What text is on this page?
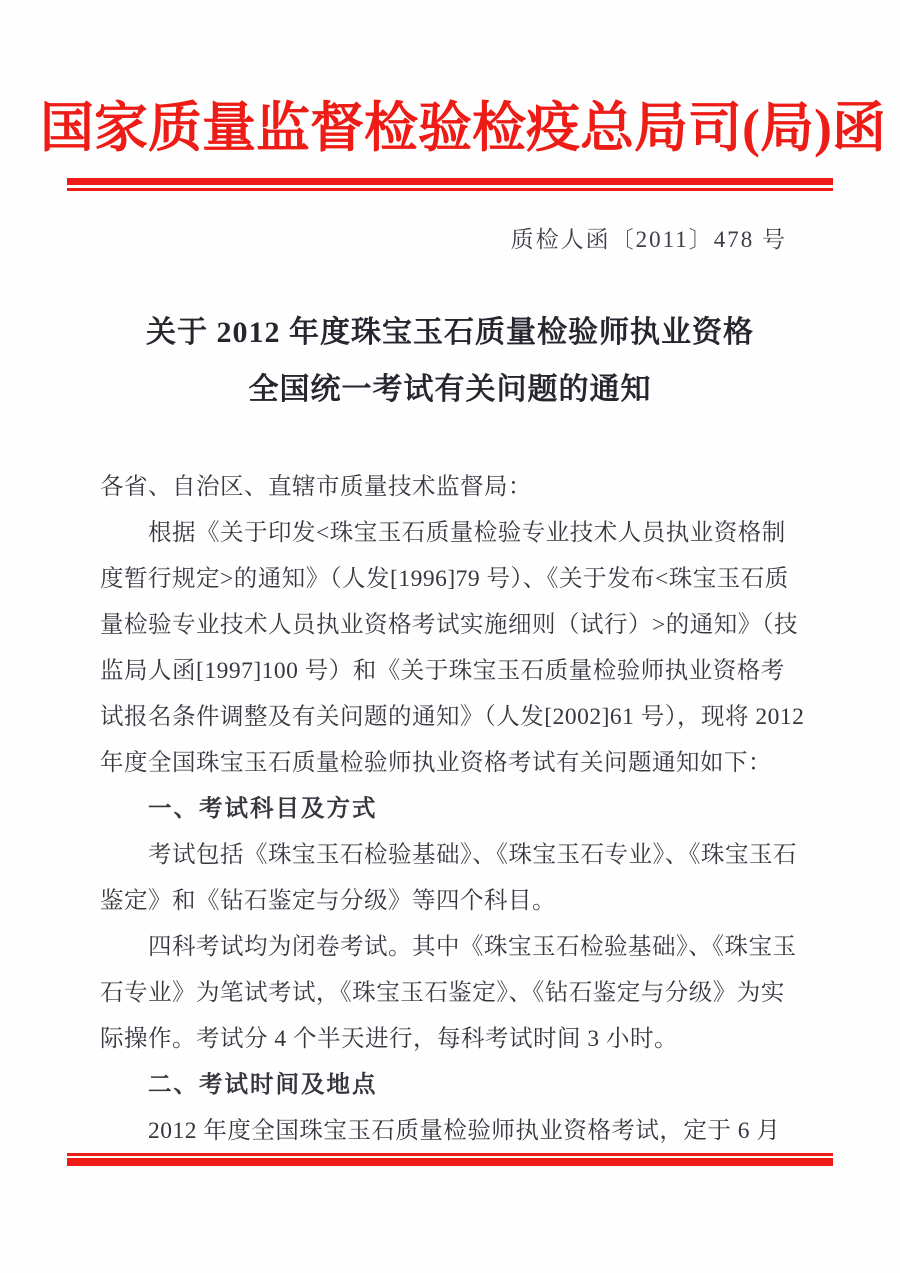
国家质量监督检验检疫总局司(局)函
质检人函〔2011〕478 号
关于 2012 年度珠宝玉石质量检验师执业资格
全国统一考试有关问题的通知
各省、自治区、直辖市质量技术监督局：
根据《关于印发<珠宝玉石质量检验专业技术人员执业资格制
度暂行规定>的通知》（人发[1996]79 号）、《关于发布<珠宝玉石质
量检验专业技术人员执业资格考试实施细则（试行）>的通知》（技
监局人函[1997]100 号）和《关于珠宝玉石质量检验师执业资格考
试报名条件调整及有关问题的通知》（人发[2002]61 号），现将 2012
年度全国珠宝玉石质量检验师执业资格考试有关问题通知如下：
一、考试科目及方式
考试包括《珠宝玉石检验基础》、《珠宝玉石专业》、《珠宝玉石
鉴定》和《钻石鉴定与分级》等四个科目。
四科考试均为闭卷考试。其中《珠宝玉石检验基础》、《珠宝玉
石专业》为笔试考试，《珠宝玉石鉴定》、《钻石鉴定与分级》为实
际操作。考试分 4 个半天进行，每科考试时间 3 小时。
二、考试时间及地点
2012 年度全国珠宝玉石质量检验师执业资格考试，定于 6 月
